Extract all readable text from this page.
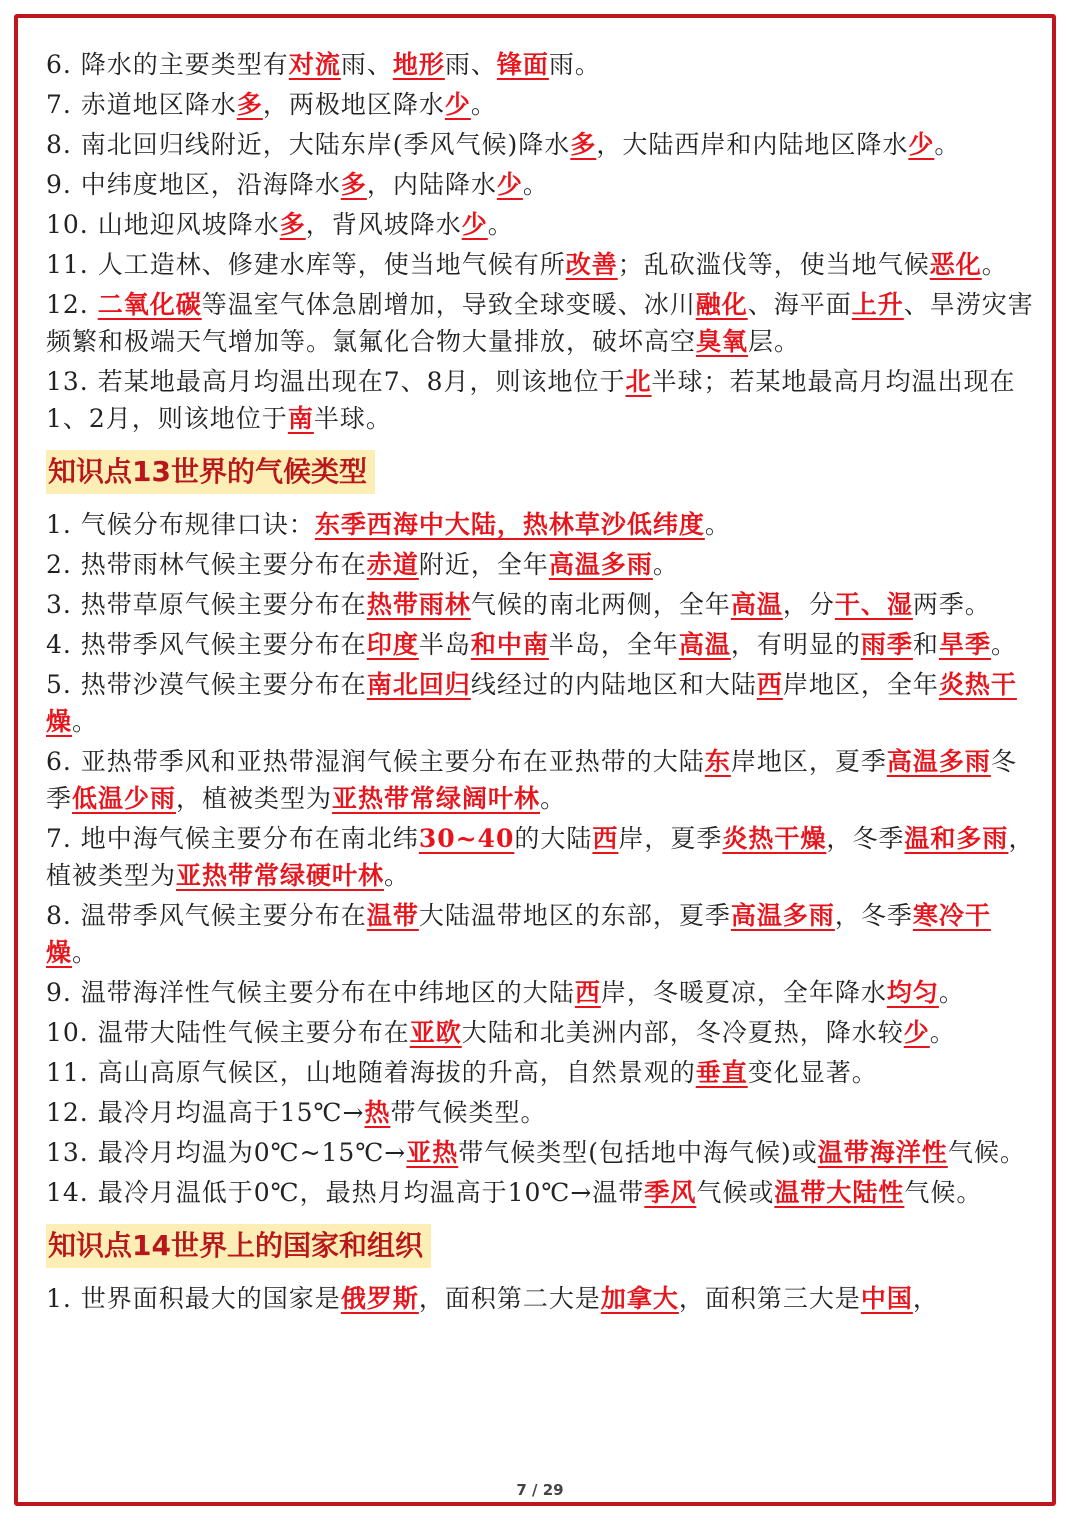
6. 降水的主要类型有对流雨、地形雨、锋面雨。
7. 赤道地区降水多，两极地区降水少。
8. 南北回归线附近，大陆东岸(季风气候)降水多，大陆西岸和内陆地区降水少。
9. 中纬度地区，沿海降水多，内陆降水少。
10. 山地迎风坡降水多，背风坡降水少。
11. 人工造林、修建水库等，使当地气候有所改善；乱砍滥伐等，使当地气候恶化。
12. 二氧化碳等温室气体急剧增加，导致全球变暖、冰川融化、海平面上升、旱涝灾害频繁和极端天气增加等。氯氟化合物大量排放，破坏高空臭氧层。
13. 若某地最高月均温出现在7、8月，则该地位于北半球；若某地最高月均温出现在1、2月，则该地位于南半球。
知识点13世界的气候类型
1. 气候分布规律口诀：东季西海中大陆，热林草沙低纬度。
2. 热带雨林气候主要分布在赤道附近，全年高温多雨。
3. 热带草原气候主要分布在热带雨林气候的南北两侧，全年高温，分干、湿两季。
4. 热带季风气候主要分布在印度半岛和中南半岛，全年高温，有明显的雨季和旱季。
5. 热带沙漠气候主要分布在南北回归线经过的内陆地区和大陆西岸地区，全年炎热干燥。
6. 亚热带季风和亚热带湿润气候主要分布在亚热带的大陆东岸地区，夏季高温多雨冬季低温少雨，植被类型为亚热带常绿阔叶林。
7. 地中海气候主要分布在南北纬30~40的大陆西岸，夏季炎热干燥，冬季温和多雨，植被类型为亚热带常绿硬叶林。
8. 温带季风气候主要分布在温带大陆温带地区的东部，夏季高温多雨，冬季寒冷干燥。
9. 温带海洋性气候主要分布在中纬地区的大陆西岸，冬暖夏凉，全年降水均匀。
10. 温带大陆性气候主要分布在亚欧大陆和北美洲内部，冬冷夏热，降水较少。
11. 高山高原气候区，山地随着海拔的升高，自然景观的垂直变化显著。
12. 最冷月均温高于15℃→热带气候类型。
13. 最冷月均温为0℃~15℃→亚热带气候类型(包括地中海气候)或温带海洋性气候。
14. 最冷月温低于0℃，最热月均温高于10℃→温带季风气候或温带大陆性气候。
知识点14世界上的国家和组织
1. 世界面积最大的国家是俄罗斯，面积第二大是加拿大，面积第三大是中国，
7 / 29
